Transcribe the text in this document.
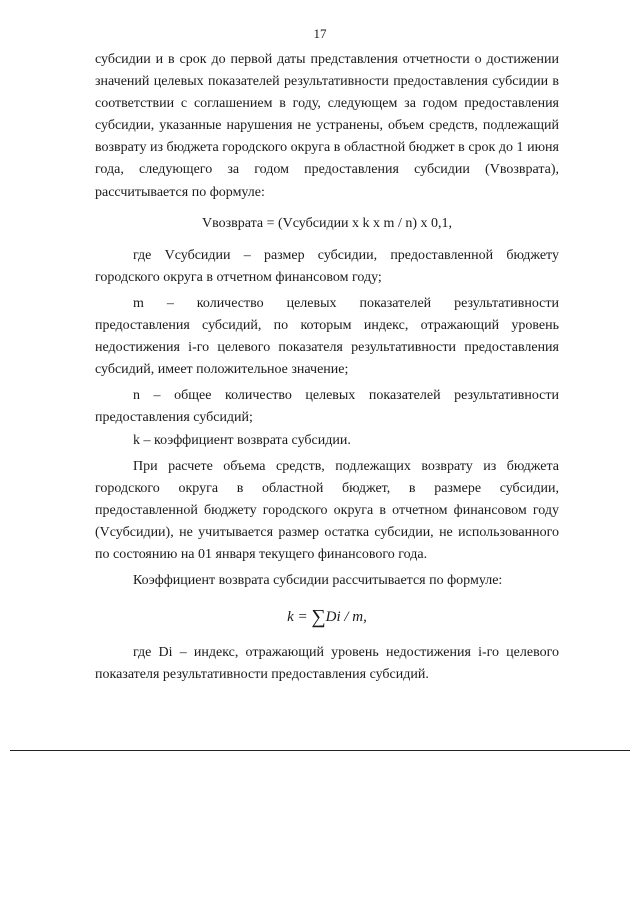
17

субсидии и в срок до первой даты представления отчетности о достижении значений целевых показателей результативности предоставления субсидии в соответствии с соглашением в году, следующем за годом предоставления субсидии, указанные нарушения не устранены, объем средств, подлежащий возврату из бюджета городского округа в областной бюджет в срок до 1 июня года, следующего за годом предоставления субсидии (Vвозврата), рассчитывается по формуле:

Vвозврата = (Vсубсидии x k x m / n) x 0,1,

где Vсубсидии – размер субсидии, предоставленной бюджету городского округа в отчетном финансовом году;

m – количество целевых показателей результативности предоставления субсидий, по которым индекс, отражающий уровень недостижения i-го целевого показателя результативности предоставления субсидий, имеет положительное значение;

n – общее количество целевых показателей результативности предоставления субсидий;

k – коэффициент возврата субсидии.

При расчете объема средств, подлежащих возврату из бюджета городского округа в областной бюджет, в размере субсидии, предоставленной бюджету городского округа в отчетном финансовом году (Vсубсидии), не учитывается размер остатка субсидии, не использованного по состоянию на 01 января текущего финансового года.

Коэффициент возврата субсидии рассчитывается по формуле:

k = ∑Di / m,

где Di – индекс, отражающий уровень недостижения i-го целевого показателя результативности предоставления субсидий.
